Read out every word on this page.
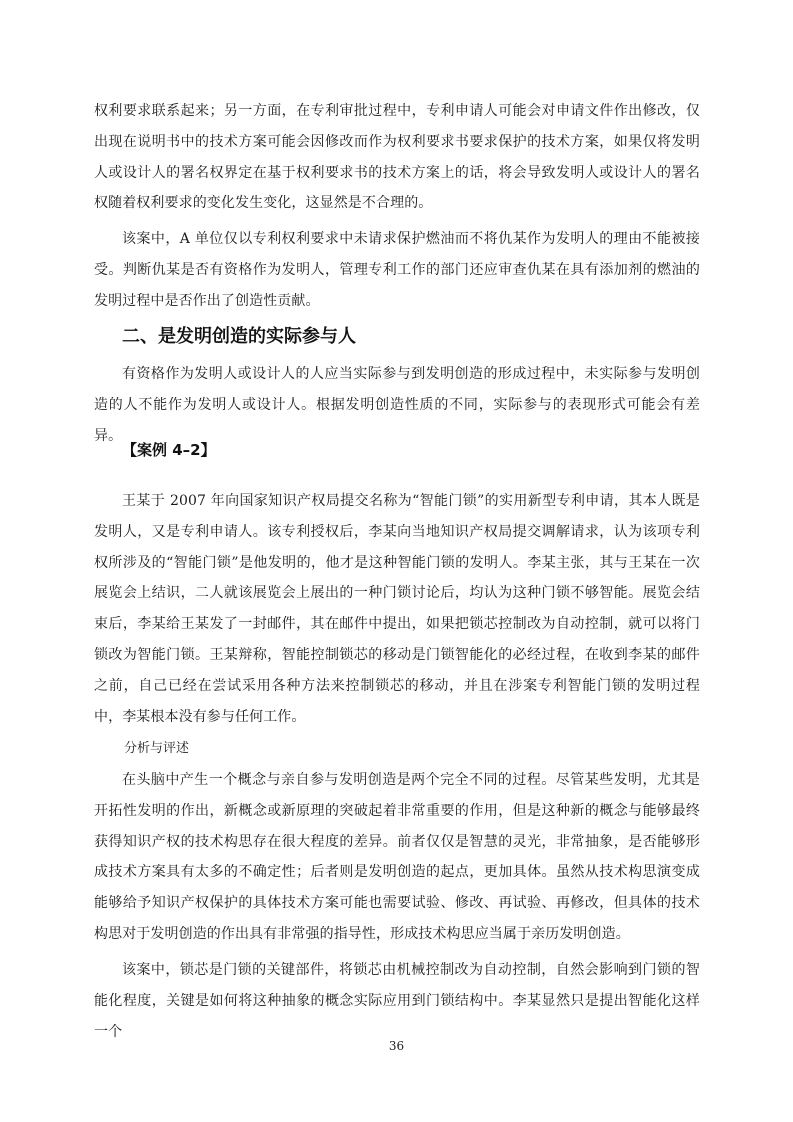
权利要求联系起来；另一方面，在专利审批过程中，专利申请人可能会对申请文件作出修改，仅出现在说明书中的技术方案可能会因修改而作为权利要求书要求保护的技术方案，如果仅将发明人或设计人的署名权界定在基于权利要求书的技术方案上的话，将会导致发明人或设计人的署名权随着权利要求的变化发生变化，这显然是不合理的。

该案中，A 单位仅以专利权利要求中未请求保护燃油而不将仇某作为发明人的理由不能被接受。判断仇某是否有资格作为发明人，管理专利工作的部门还应审查仇某在具有添加剂的燃油的发明过程中是否作出了创造性贡献。

二、是发明创造的实际参与人

有资格作为发明人或设计人的人应当实际参与到发明创造的形成过程中，未实际参与发明创造的人不能作为发明人或设计人。根据发明创造性质的不同，实际参与的表现形式可能会有差异。

【案例 4–2】

王某于 2007 年向国家知识产权局提交名称为“智能门锁”的实用新型专利申请，其本人既是发明人，又是专利申请人。该专利授权后，李某向当地知识产权局提交调解请求，认为该项专利权所涉及的“智能门锁”是他发明的，他才是这种智能门锁的发明人。李某主张，其与王某在一次展览会上结识，二人就该展览会上展出的一种门锁讨论后，均认为这种门锁不够智能。展览会结束后，李某给王某发了一封邮件，其在邮件中提出，如果把锁芯控制改为自动控制，就可以将门锁改为智能门锁。王某辩称，智能控制锁芯的移动是门锁智能化的必经过程，在收到李某的邮件之前，自己已经在尝试采用各种方法来控制锁芯的移动，并且在涉案专利智能门锁的发明过程中，李某根本没有参与任何工作。

分析与评述

在头脑中产生一个概念与亲自参与发明创造是两个完全不同的过程。尽管某些发明，尤其是开拓性发明的作出，新概念或新原理的突破起着非常重要的作用，但是这种新的概念与能够最终获得知识产权的技术构思存在很大程度的差异。前者仅仅是智慧的灵光，非常抽象，是否能够形成技术方案具有太多的不确定性；后者则是发明创造的起点，更加具体。虽然从技术构思演变成能够给予知识产权保护的具体技术方案可能也需要试验、修改、再试验、再修改，但具体的技术构思对于发明创造的作出具有非常强的指导性，形成技术构思应当属于亲历发明创造。

该案中，锁芯是门锁的关键部件，将锁芯由机械控制改为自动控制，自然会影响到门锁的智能化程度，关键是如何将这种抽象的概念实际应用到门锁结构中。李某显然只是提出智能化这样一个

36
